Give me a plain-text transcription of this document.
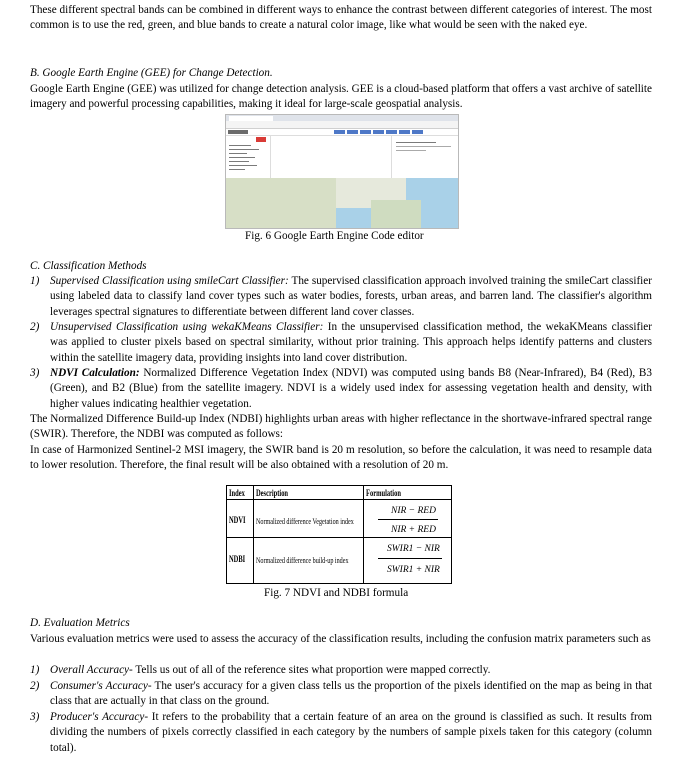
These different spectral bands can be combined in different ways to enhance the contrast between different categories of interest. The most common is to use the red, green, and blue bands to create a natural color image, like what would be seen with the naked eye.

B. Google Earth Engine (GEE) for Change Detection.

Google Earth Engine (GEE) was utilized for change detection analysis. GEE is a cloud-based platform that offers a vast archive of satellite imagery and powerful processing capabilities, making it ideal for large-scale geospatial analysis.

Fig. 6 Google Earth Engine Code editor

C. Classification Methods

1) Supervised Classification using smileCart Classifier: The supervised classification approach involved training the smileCart classifier using labeled data to classify land cover types such as water bodies, forests, urban areas, and barren land. The classifier's algorithm leverages spectral signatures to differentiate between different land cover classes.
2) Unsupervised Classification using wekaKMeans Classifier: In the unsupervised classification method, the wekaKMeans classifier was applied to cluster pixels based on spectral similarity, without prior training. This approach helps identify patterns and clusters within the satellite imagery data, providing insights into land cover distribution.
3) NDVI Calculation: Normalized Difference Vegetation Index (NDVI) was computed using bands B8 (Near-Infrared), B4 (Red), B3 (Green), and B2 (Blue) from the satellite imagery. NDVI is a widely used index for assessing vegetation health and density, with higher values indicating healthier vegetation.

The Normalized Difference Build-up Index (NDBI) highlights urban areas with higher reflectance in the shortwave-infrared spectral range (SWIR). Therefore, the NDBI was computed as follows:

In case of Harmonized Sentinel-2 MSI imagery, the SWIR band is 20 m resolution, so before the calculation, it was need to resample data to lower resolution. Therefore, the final result will be also obtained with a resolution of 20 m.

Index Description	Formulation
NDVI Normalized difference Vegetation index
NIR − RED
NIR + RED
NDBI Normalized difference build-up index
SWIR1 − NIR
SWIR1 + NIR

Fig. 7 NDVI and NDBI formula

D. Evaluation Metrics

Various evaluation metrics were used to assess the accuracy of the classification results, including the confusion matrix parameters such as

1) Overall Accuracy- Tells us out of all of the reference sites what proportion were mapped correctly.
2) Consumer's Accuracy- The user's accuracy for a given class tells us the proportion of the pixels identified on the map as being in that class that are actually in that class on the ground.
3) Producer's Accuracy- It refers to the probability that a certain feature of an area on the ground is classified as such. It results from dividing the numbers of pixels correctly classified in each category by the numbers of sample pixels taken for this category (column total).
